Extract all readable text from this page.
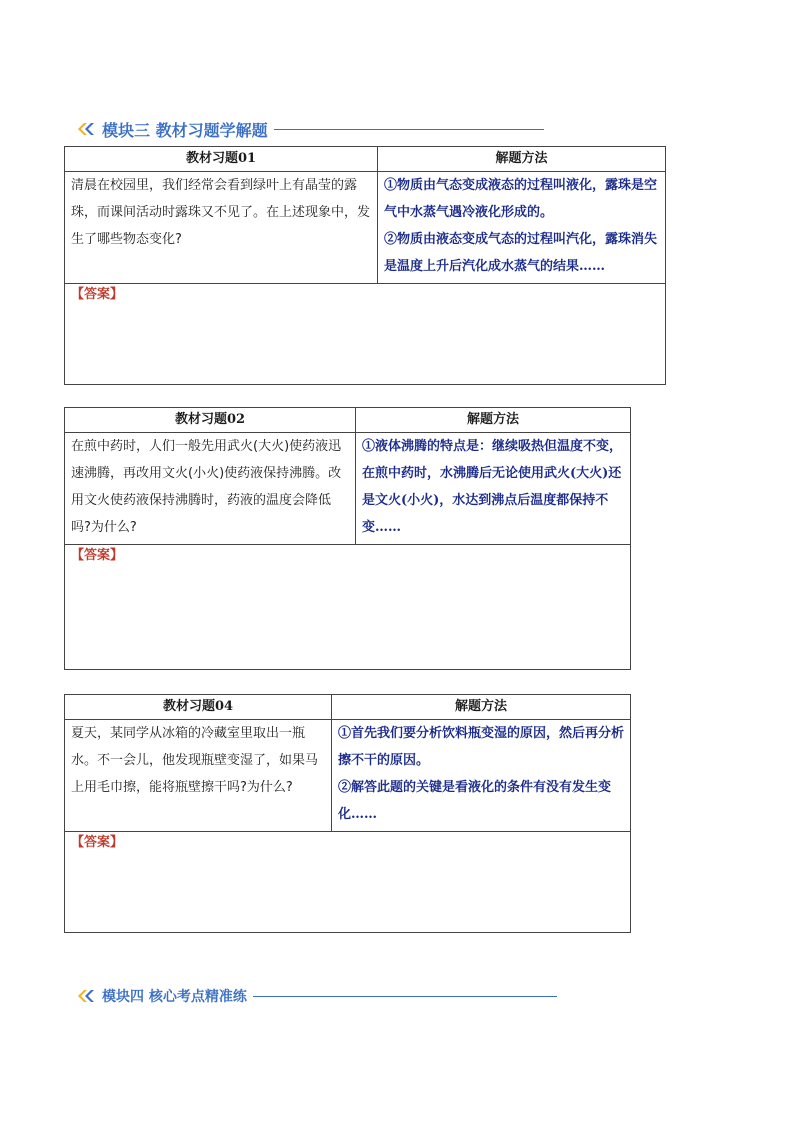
模块三 教材习题学解题
教材习题01	解题方法
清晨在校园里，我们经常会看到绿叶上有晶莹的露珠，而课间活动时露珠又不见了。在上述现象中，发生了哪些物态变化?	①物质由气态变成液态的过程叫液化，露珠是空气中水蒸气遇冷液化形成的。

②物质由液态变成气态的过程叫汽化，露珠消失是温度上升后汽化成水蒸气的结果……

【答案】	
教材习题02	解题方法
在煎中药时，人们一般先用武火(大火)使药液迅速沸腾，再改用文火(小火)使药液保持沸腾。改用文火使药液保持沸腾时，药液的温度会降低吗?为什么?	①液体沸腾的特点是：继续吸热但温度不变，在煎中药时，水沸腾后无论使用武火(大火)还是文火(小火)，水达到沸点后温度都保持不变……

【答案】	
教材习题04	解题方法
夏天，某同学从冰箱的冷藏室里取出一瓶水。不一会儿，他发现瓶壁变湿了，如果马上用毛巾擦，能将瓶壁擦干吗?为什么?	①首先我们要分析饮料瓶变湿的原因，然后再分析擦不干的原因。

②解答此题的关键是看液化的条件有没有发生变化……

【答案】	
模块四 核心考点精准练
